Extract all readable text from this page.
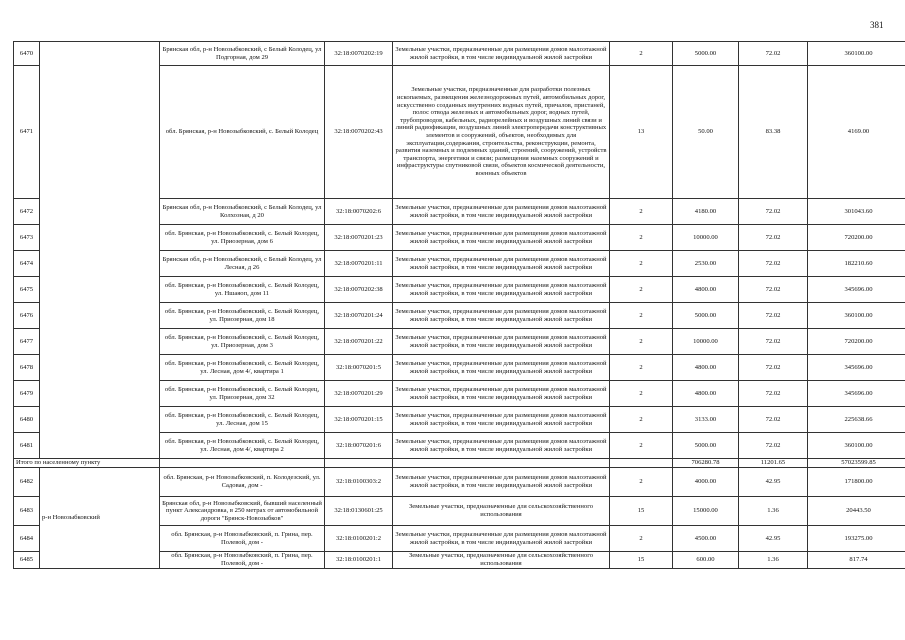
381
6470		Брянская обл, р-н Новозыбковский, с Белый Колодец, ул Подгорная, дом 29	32:18:0070202:19	Земельные участки, предназначенные для размещения домов малоэтажной жилой застройки, в том числе индивидуальной жилой застройки	2	5000.00	72.02	360100.00
6471		обл. Брянская, р-н Новозыбковский, с. Белый Колодец	32:18:0070202:43	Земельные участки, предназначенные для разработки полезных ископаемых, размещения железнодорожных путей, автомобильных дорог, искусственно созданных внутренних водных путей, причалов, пристаней, полос отвода железных и автомобильных дорог, водных путей, трубопроводов, кабельных, радиорелейных и воздушных линий связи и линий радиофикации, воздушных линий электропередачи конструктивных элементов и сооружений, объектов, необходимых для эксплуатации,содержания, строительства, реконструкции, ремонта, развития наземных и подземных зданий, строений, сооружений, устройств транспорта, энергетики и связи; размещения наземных сооружений и инфраструктуры спутниковой связи, объектов космической деятельности, военных объектов	13	50.00	83.38	4169.00
6472		Брянская обл, р-н Новозыбковский, с Белый Колодец, ул Колхозная, д 20	32:18:0070202:6	Земельные участки, предназначенные для размещения домов малоэтажной жилой застройки, в том числе индивидуальной жилой застройки	2	4180.00	72.02	301043.60
6473		обл. Брянская, р-н Новозыбковский, с. Белый Колодец, ул. Приозерная, дом 6	32:18:0070201:23	Земельные участки, предназначенные для размещения домов малоэтажной жилой застройки, в том числе индивидуальной жилой застройки	2	10000.00	72.02	720200.00
6474		Брянская обл, р-н Новозыбковский, с Белый Колодец, ул Лесная, д 26	32:18:0070201:11	Земельные участки, предназначенные для размещения домов малоэтажной жилой застройки, в том числе индивидуальной жилой застройки	2	2530.00	72.02	182210.60
6475		обл. Брянская, р-н Новозыбковский, с. Белый Колодец, ул. Ншаяоп, дом 11	32:18:0070202:38	Земельные участки, предназначенные для размещения домов малоэтажной жилой застройки, в том числе индивидуальной жилой застройки	2	4800.00	72.02	345696.00
6476		обл. Брянская, р-н Новозыбковский, с. Белый Колодец, ул. Приозерная, дом 18	32:18:0070201:24	Земельные участки, предназначенные для размещения домов малоэтажной жилой застройки, в том числе индивидуальной жилой застройки	2	5000.00	72.02	360100.00
6477		обл. Брянская, р-н Новозыбковский, с. Белый Колодец, ул. Приозерная, дом 3	32:18:0070201:22	Земельные участки, предназначенные для размещения домов малоэтажной жилой застройки, в том числе индивидуальной жилой застройки	2	10000.00	72.02	720200.00
6478		обл. Брянская, р-н Новозыбковский, с. Белый Колодец, ул. Лесная, дом 4/, квартира 1	32:18:0070201:5	Земельные участки, предназначенные для размещения домов малоэтажной жилой застройки, в том числе индивидуальной жилой застройки	2	4800.00	72.02	345696.00
6479		обл. Брянская, р-н Новозыбковский, с. Белый Колодец, ул. Приозерная, дом 32	32:18:0070201:29	Земельные участки, предназначенные для размещения домов малоэтажной жилой застройки, в том числе индивидуальной жилой застройки	2	4800.00	72.02	345696.00
6480		обл. Брянская, р-н Новозыбковский, с. Белый Колодец, ул. Лесная, дом 15	32:18:0070201:15	Земельные участки, предназначенные для размещения домов малоэтажной жилой застройки, в том числе индивидуальной жилой застройки	2	3133.00	72.02	225638.66
6481		обл. Брянская, р-н Новозыбковский, с. Белый Колодец, ул. Лесная, дом 4/, квартира 2	32:18:0070201:6	Земельные участки, предназначенные для размещения домов малоэтажной жилой застройки, в том числе индивидуальной жилой застройки	2	5000.00	72.02	360100.00
Итого по населенному пункту						706280.78	11201.65	57023599.85
6482	р-н Новозыбковский	обл. Брянская, р-н Новозыбковский, п. Колодезский, ул. Садовая, дом -	32:18:0100303:2	Земельные участки, предназначенные для размещения домов малоэтажной жилой застройки, в том числе индивидуальной жилой застройки	2	4000.00	42.95	171800.00
6483		Брянская обл, р-н Новозыбковский, бывший населенный пункт Александровка, в 250 метрах от автомобильной дороги "Брянск-Новозыбков"	32:18:0130601:25	Земельные участки, предназначенные для сельскохозяйственного использования	15	15000.00	1.36	20443.50
6484		обл. Брянская, р-н Новозыбковский, п. Грина, пер. Полевой, дом -	32:18:0100201:2	Земельные участки, предназначенные для размещения домов малоэтажной жилой застройки, в том числе индивидуальной жилой застройки	2	4500.00	42.95	193275.00
6485		обл. Брянская, р-н Новозыбковский, п. Грина, пер. Полевой, дом -	32:18:0100201:1	Земельные участки, предназначенные для сельскохозяйственного использования	15	600.00	1.36	817.74
